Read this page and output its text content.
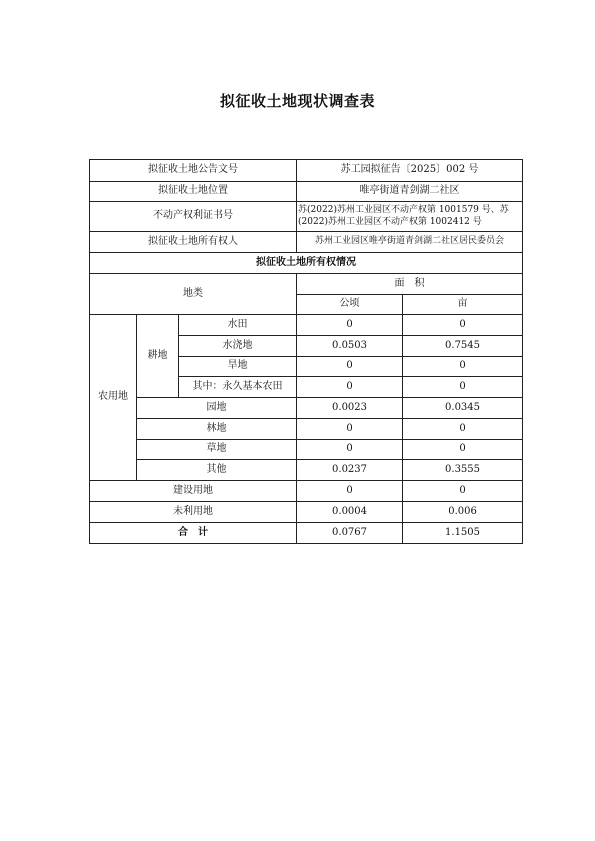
拟征收土地现状调查表
拟征收土地公告文号			苏工园拟征告〔2025〕002 号	
拟征收土地位置			唯亭街道青剑湖二社区	
不动产权利证书号			苏(2022)苏州工业园区不动产权第 1001579 号、苏
(2022)苏州工业园区不动产权第 1002412 号	

拟征收土地所有权人			苏州工业园区唯亭街道青剑湖二社区居民委员会	
拟征收土地所有权情况				
地类			面　积	
			公顷	亩
农用地	耕地	水田	0	0
		水浇地	0.0503	0.7545
		旱地	0	0
		其中：永久基本农田	0	0
	园地		0.0023	0.0345
	林地		0	0
	草地		0	0
	其他		0.0237	0.3555
建设用地			0	0
未利用地			0.0004	0.006
合　计			0.0767	1.1505
